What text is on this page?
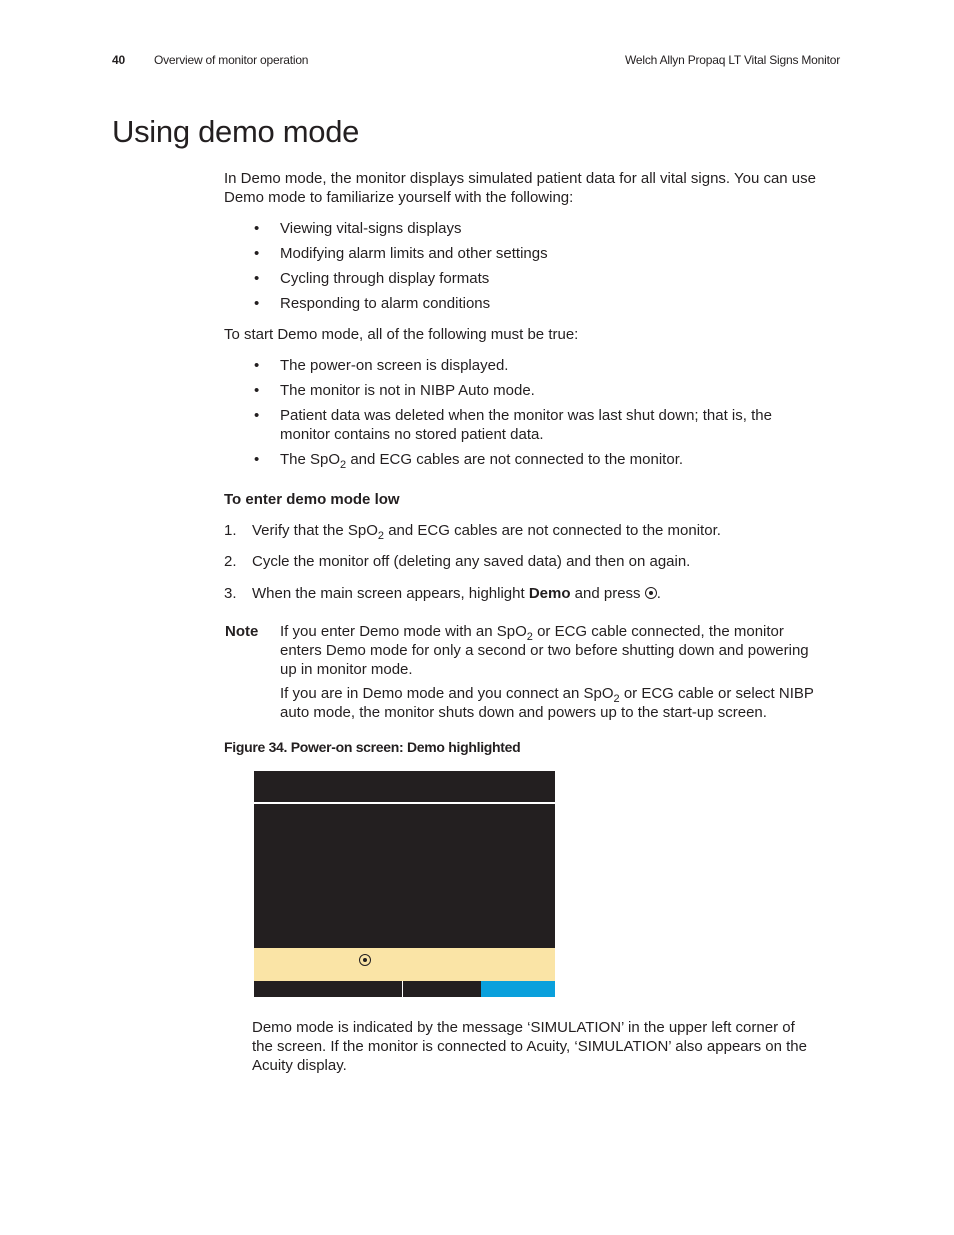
40 Overview of monitor operation	Welch Allyn Propaq LT Vital Signs Monitor
Using demo mode
In Demo mode, the monitor displays simulated patient data for all vital signs. You can use
Demo mode to familiarize yourself with the following:
• Viewing vital-signs displays
• Modifying alarm limits and other settings
• Cycling through display formats
• Responding to alarm conditions
To start Demo mode, all of the following must be true:
• The power-on screen is displayed.
• The monitor is not in NIBP Auto mode.
• Patient data was deleted when the monitor was last shut down; that is, the
monitor contains no stored patient data.
• The SpO$_2$ and ECG cables are not connected to the monitor.
To enter demo mode low
1. Verify that the SpO$_2$ and ECG cables are not connected to the monitor.
2. Cycle the monitor off (deleting any saved data) and then on again.
3. When the main screen appears, highlight Demo and press .
Note If you enter Demo mode with an SpO$_2$ or ECG cable connected, the monitor
enters Demo mode for only a second or two before shutting down and powering
up in monitor mode.
If you are in Demo mode and you connect an SpO$_2$ or ECG cable or select NIBP
auto mode, the monitor shuts down and powers up to the start-up screen.
Figure 34. Power-on screen: Demo highlighted
Demo mode is indicated by the message ‘SIMULATION’ in the upper left corner of
the screen. If the monitor is connected to Acuity, ‘SIMULATION’ also appears on the
Acuity display.
